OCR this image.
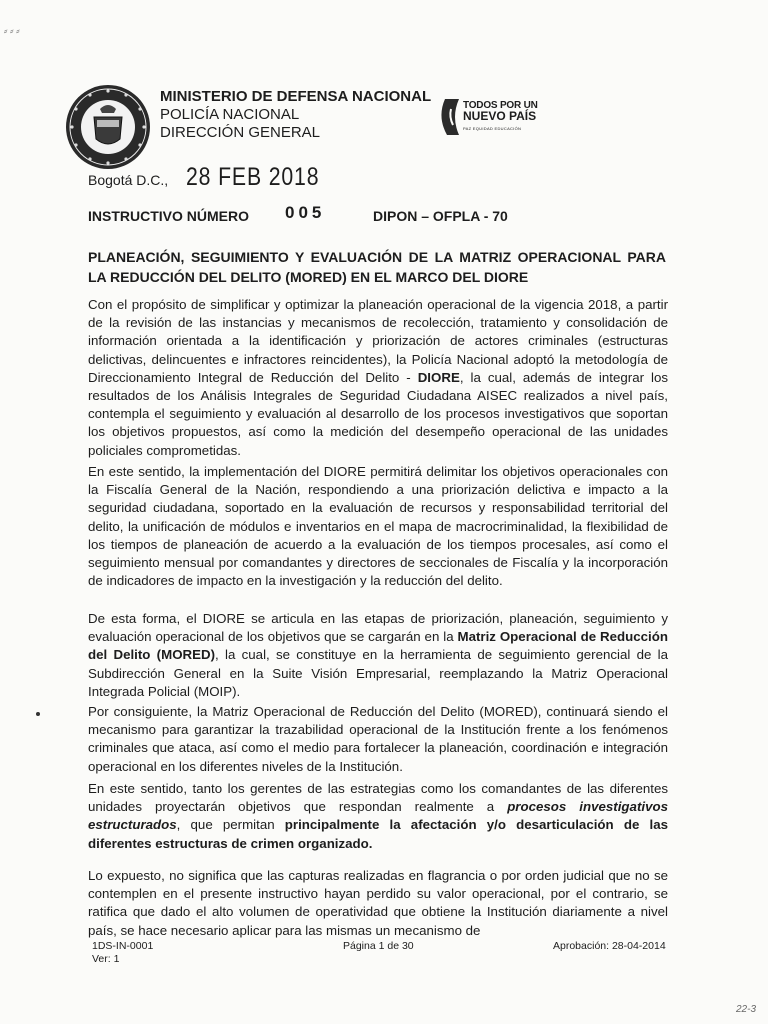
⸗ ⸗ ⸗
22-3
MINISTERIO DE DEFENSA NACIONAL
POLICÍA NACIONAL
DIRECCIÓN GENERAL
TODOS POR UN
NUEVO PAÍS
PAZ EQUIDAD EDUCACIÓN
Bogotá D.C., 28 FEB 2018
INSTRUCTIVO NÚMERO 005	DIPON – OFPLA - 70
PLANEACIÓN, SEGUIMIENTO Y EVALUACIÓN DE LA MATRIZ OPERACIONAL PARA LA REDUCCIÓN DEL DELITO (MORED) EN EL MARCO DEL DIORE
Con el propósito de simplificar y optimizar la planeación operacional de la vigencia 2018, a partir de la revisión de las instancias y mecanismos de recolección, tratamiento y consolidación de información orientada a la identificación y priorización de actores criminales (estructuras delictivas, delincuentes e infractores reincidentes), la Policía Nacional adoptó la metodología de Direccionamiento Integral de Reducción del Delito - DIORE, la cual, además de integrar los resultados de los Análisis Integrales de Seguridad Ciudadana AISEC realizados a nivel país, contempla el seguimiento y evaluación al desarrollo de los procesos investigativos que soportan los objetivos propuestos, así como la medición del desempeño operacional de las unidades policiales comprometidas.
En este sentido, la implementación del DIORE permitirá delimitar los objetivos operacionales con la Fiscalía General de la Nación, respondiendo a una priorización delictiva e impacto a la seguridad ciudadana, soportado en la evaluación de recursos y responsabilidad territorial del delito, la unificación de módulos e inventarios en el mapa de macrocriminalidad, la flexibilidad de los tiempos de planeación de acuerdo a la evaluación de los tiempos procesales, así como el seguimiento mensual por comandantes y directores de seccionales de Fiscalía y la incorporación de indicadores de impacto en la investigación y la reducción del delito.
De esta forma, el DIORE se articula en las etapas de priorización, planeación, seguimiento y evaluación operacional de los objetivos que se cargarán en la Matriz Operacional de Reducción del Delito (MORED), la cual, se constituye en la herramienta de seguimiento gerencial de la Subdirección General en la Suite Visión Empresarial, reemplazando la Matriz Operacional Integrada Policial (MOIP).
Por consiguiente, la Matriz Operacional de Reducción del Delito (MORED), continuará siendo el mecanismo para garantizar la trazabilidad operacional de la Institución frente a los fenómenos criminales que ataca, así como el medio para fortalecer la planeación, coordinación e integración operacional en los diferentes niveles de la Institución.
En este sentido, tanto los gerentes de las estrategias como los comandantes de las diferentes unidades proyectarán objetivos que respondan realmente a procesos investigativos estructurados, que permitan principalmente la afectación y/o desarticulación de las diferentes estructuras de crimen organizado.
Lo expuesto, no significa que las capturas realizadas en flagrancia o por orden judicial que no se contemplen en el presente instructivo hayan perdido su valor operacional, por el contrario, se ratifica que dado el alto volumen de operatividad que obtiene la Institución diariamente a nivel país, se hace necesario aplicar para las mismas un mecanismo de
1DS-IN-0001
Ver: 1
Página 1 de 30	Aprobación: 28-04-2014
